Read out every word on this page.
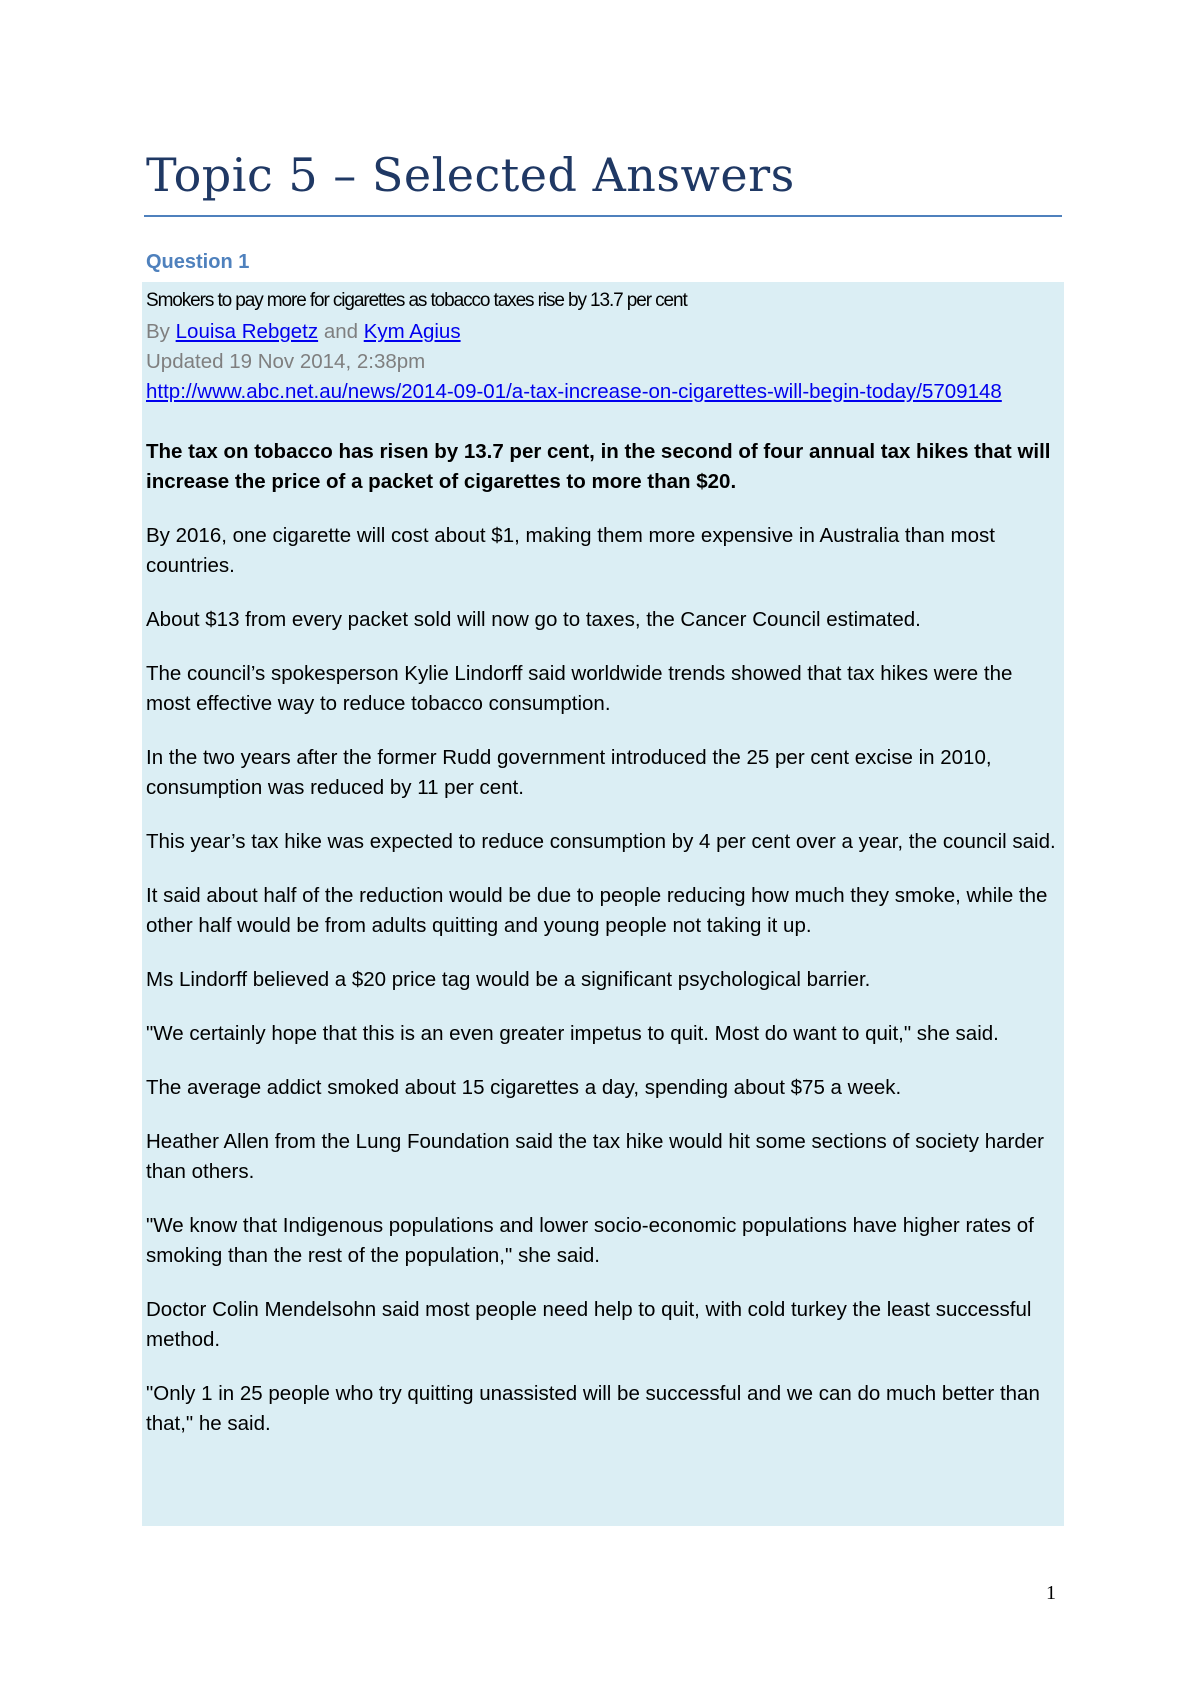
Topic 5 – Selected Answers
Question 1
Smokers to pay more for cigarettes as tobacco taxes rise by 13.7 per cent
By Louisa Rebgetz and Kym Agius
Updated 19 Nov 2014, 2:38pm
http://www.abc.net.au/news/2014-09-01/a-tax-increase-on-cigarettes-will-begin-today/5709148
The tax on tobacco has risen by 13.7 per cent, in the second of four annual tax hikes that will increase the price of a packet of cigarettes to more than $20.
By 2016, one cigarette will cost about $1, making them more expensive in Australia than most countries.
About $13 from every packet sold will now go to taxes, the Cancer Council estimated.
The council’s spokesperson Kylie Lindorff said worldwide trends showed that tax hikes were the most effective way to reduce tobacco consumption.
In the two years after the former Rudd government introduced the 25 per cent excise in 2010, consumption was reduced by 11 per cent.
This year’s tax hike was expected to reduce consumption by 4 per cent over a year, the council said.
It said about half of the reduction would be due to people reducing how much they smoke, while the other half would be from adults quitting and young people not taking it up.
Ms Lindorff believed a $20 price tag would be a significant psychological barrier.
"We certainly hope that this is an even greater impetus to quit. Most do want to quit," she said.
The average addict smoked about 15 cigarettes a day, spending about $75 a week.
Heather Allen from the Lung Foundation said the tax hike would hit some sections of society harder than others.
"We know that Indigenous populations and lower socio-economic populations have higher rates of smoking than the rest of the population," she said.
Doctor Colin Mendelsohn said most people need help to quit, with cold turkey the least successful method.
"Only 1 in 25 people who try quitting unassisted will be successful and we can do much better than that," he said.
1
